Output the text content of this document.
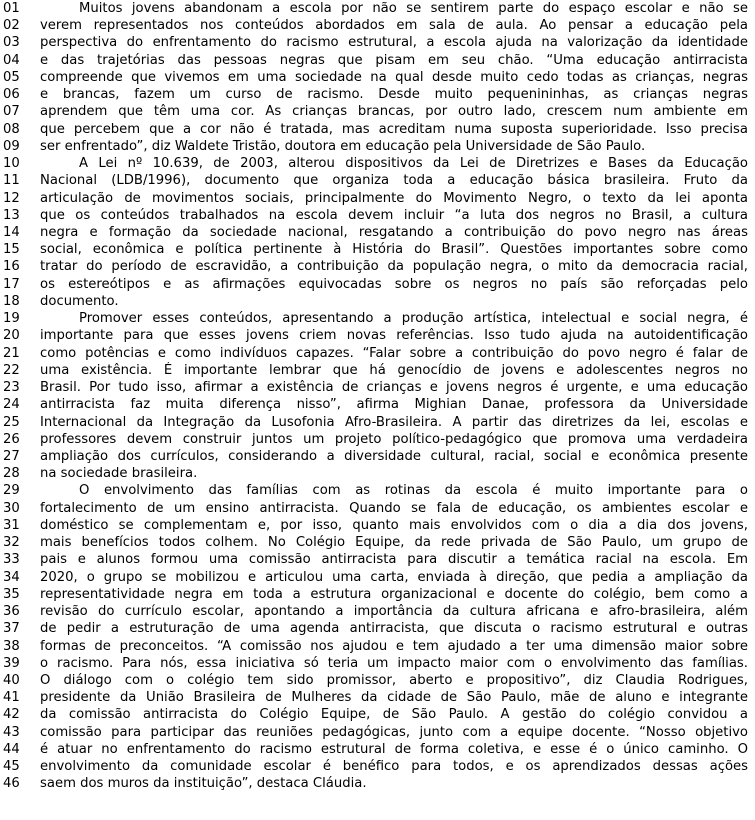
01	Muitos jovens abandonam a escola por não se sentirem parte do espaço escolar e não se
02	verem representados nos conteúdos abordados em sala de aula. Ao pensar a educação pela
03	perspectiva do enfrentamento do racismo estrutural, a escola ajuda na valorização da identidade
04	e das trajetórias das pessoas negras que pisam em seu chão. “Uma educação antirracista
05	compreende que vivemos em uma sociedade na qual desde muito cedo todas as crianças, negras
06	e brancas, fazem um curso de racismo. Desde muito pequenininhas, as crianças negras
07	aprendem que têm uma cor. As crianças brancas, por outro lado, crescem num ambiente em
08	que percebem que a cor não é tratada, mas acreditam numa suposta superioridade. Isso precisa
09	ser enfrentado”, diz Waldete Tristão, doutora em educação pela Universidade de São Paulo.
10	A Lei nº 10.639, de 2003, alterou dispositivos da Lei de Diretrizes e Bases da Educação
11	Nacional (LDB/1996), documento que organiza toda a educação básica brasileira. Fruto da
12	articulação de movimentos sociais, principalmente do Movimento Negro, o texto da lei aponta
13	que os conteúdos trabalhados na escola devem incluir “a luta dos negros no Brasil, a cultura
14	negra e formação da sociedade nacional, resgatando a contribuição do povo negro nas áreas
15	social, econômica e política pertinente à História do Brasil”. Questões importantes sobre como
16	tratar do período de escravidão, a contribuição da população negra, o mito da democracia racial,
17	os estereótipos e as afirmações equivocadas sobre os negros no país são reforçadas pelo
18	documento.
19	Promover esses conteúdos, apresentando a produção artística, intelectual e social negra, é
20	importante para que esses jovens criem novas referências. Isso tudo ajuda na autoidentificação
21	como potências e como indivíduos capazes. “Falar sobre a contribuição do povo negro é falar de
22	uma existência. É importante lembrar que há genocídio de jovens e adolescentes negros no
23	Brasil. Por tudo isso, afirmar a existência de crianças e jovens negros é urgente, e uma educação
24	antirracista faz muita diferença nisso”, afirma Mighian Danae, professora da Universidade
25	Internacional da Integração da Lusofonia Afro-Brasileira. A partir das diretrizes da lei, escolas e
26	professores devem construir juntos um projeto político-pedagógico que promova uma verdadeira
27	ampliação dos currículos, considerando a diversidade cultural, racial, social e econômica presente
28	na sociedade brasileira.
29	O envolvimento das famílias com as rotinas da escola é muito importante para o
30	fortalecimento de um ensino antirracista. Quando se fala de educação, os ambientes escolar e
31	doméstico se complementam e, por isso, quanto mais envolvidos com o dia a dia dos jovens,
32	mais benefícios todos colhem. No Colégio Equipe, da rede privada de São Paulo, um grupo de
33	pais e alunos formou uma comissão antirracista para discutir a temática racial na escola. Em
34	2020, o grupo se mobilizou e articulou uma carta, enviada à direção, que pedia a ampliação da
35	representatividade negra em toda a estrutura organizacional e docente do colégio, bem como a
36	revisão do currículo escolar, apontando a importância da cultura africana e afro-brasileira, além
37	de pedir a estruturação de uma agenda antirracista, que discuta o racismo estrutural e outras
38	formas de preconceitos. “A comissão nos ajudou e tem ajudado a ter uma dimensão maior sobre
39	o racismo. Para nós, essa iniciativa só teria um impacto maior com o envolvimento das famílias.
40	O diálogo com o colégio tem sido promissor, aberto e propositivo”, diz Claudia Rodrigues,
41	presidente da União Brasileira de Mulheres da cidade de São Paulo, mãe de aluno e integrante
42	da comissão antirracista do Colégio Equipe, de São Paulo. A gestão do colégio convidou a
43	comissão para participar das reuniões pedagógicas, junto com a equipe docente. “Nosso objetivo
44	é atuar no enfrentamento do racismo estrutural de forma coletiva, e esse é o único caminho. O
45	envolvimento da comunidade escolar é benéfico para todos, e os aprendizados dessas ações
46	saem dos muros da instituição”, destaca Cláudia.
